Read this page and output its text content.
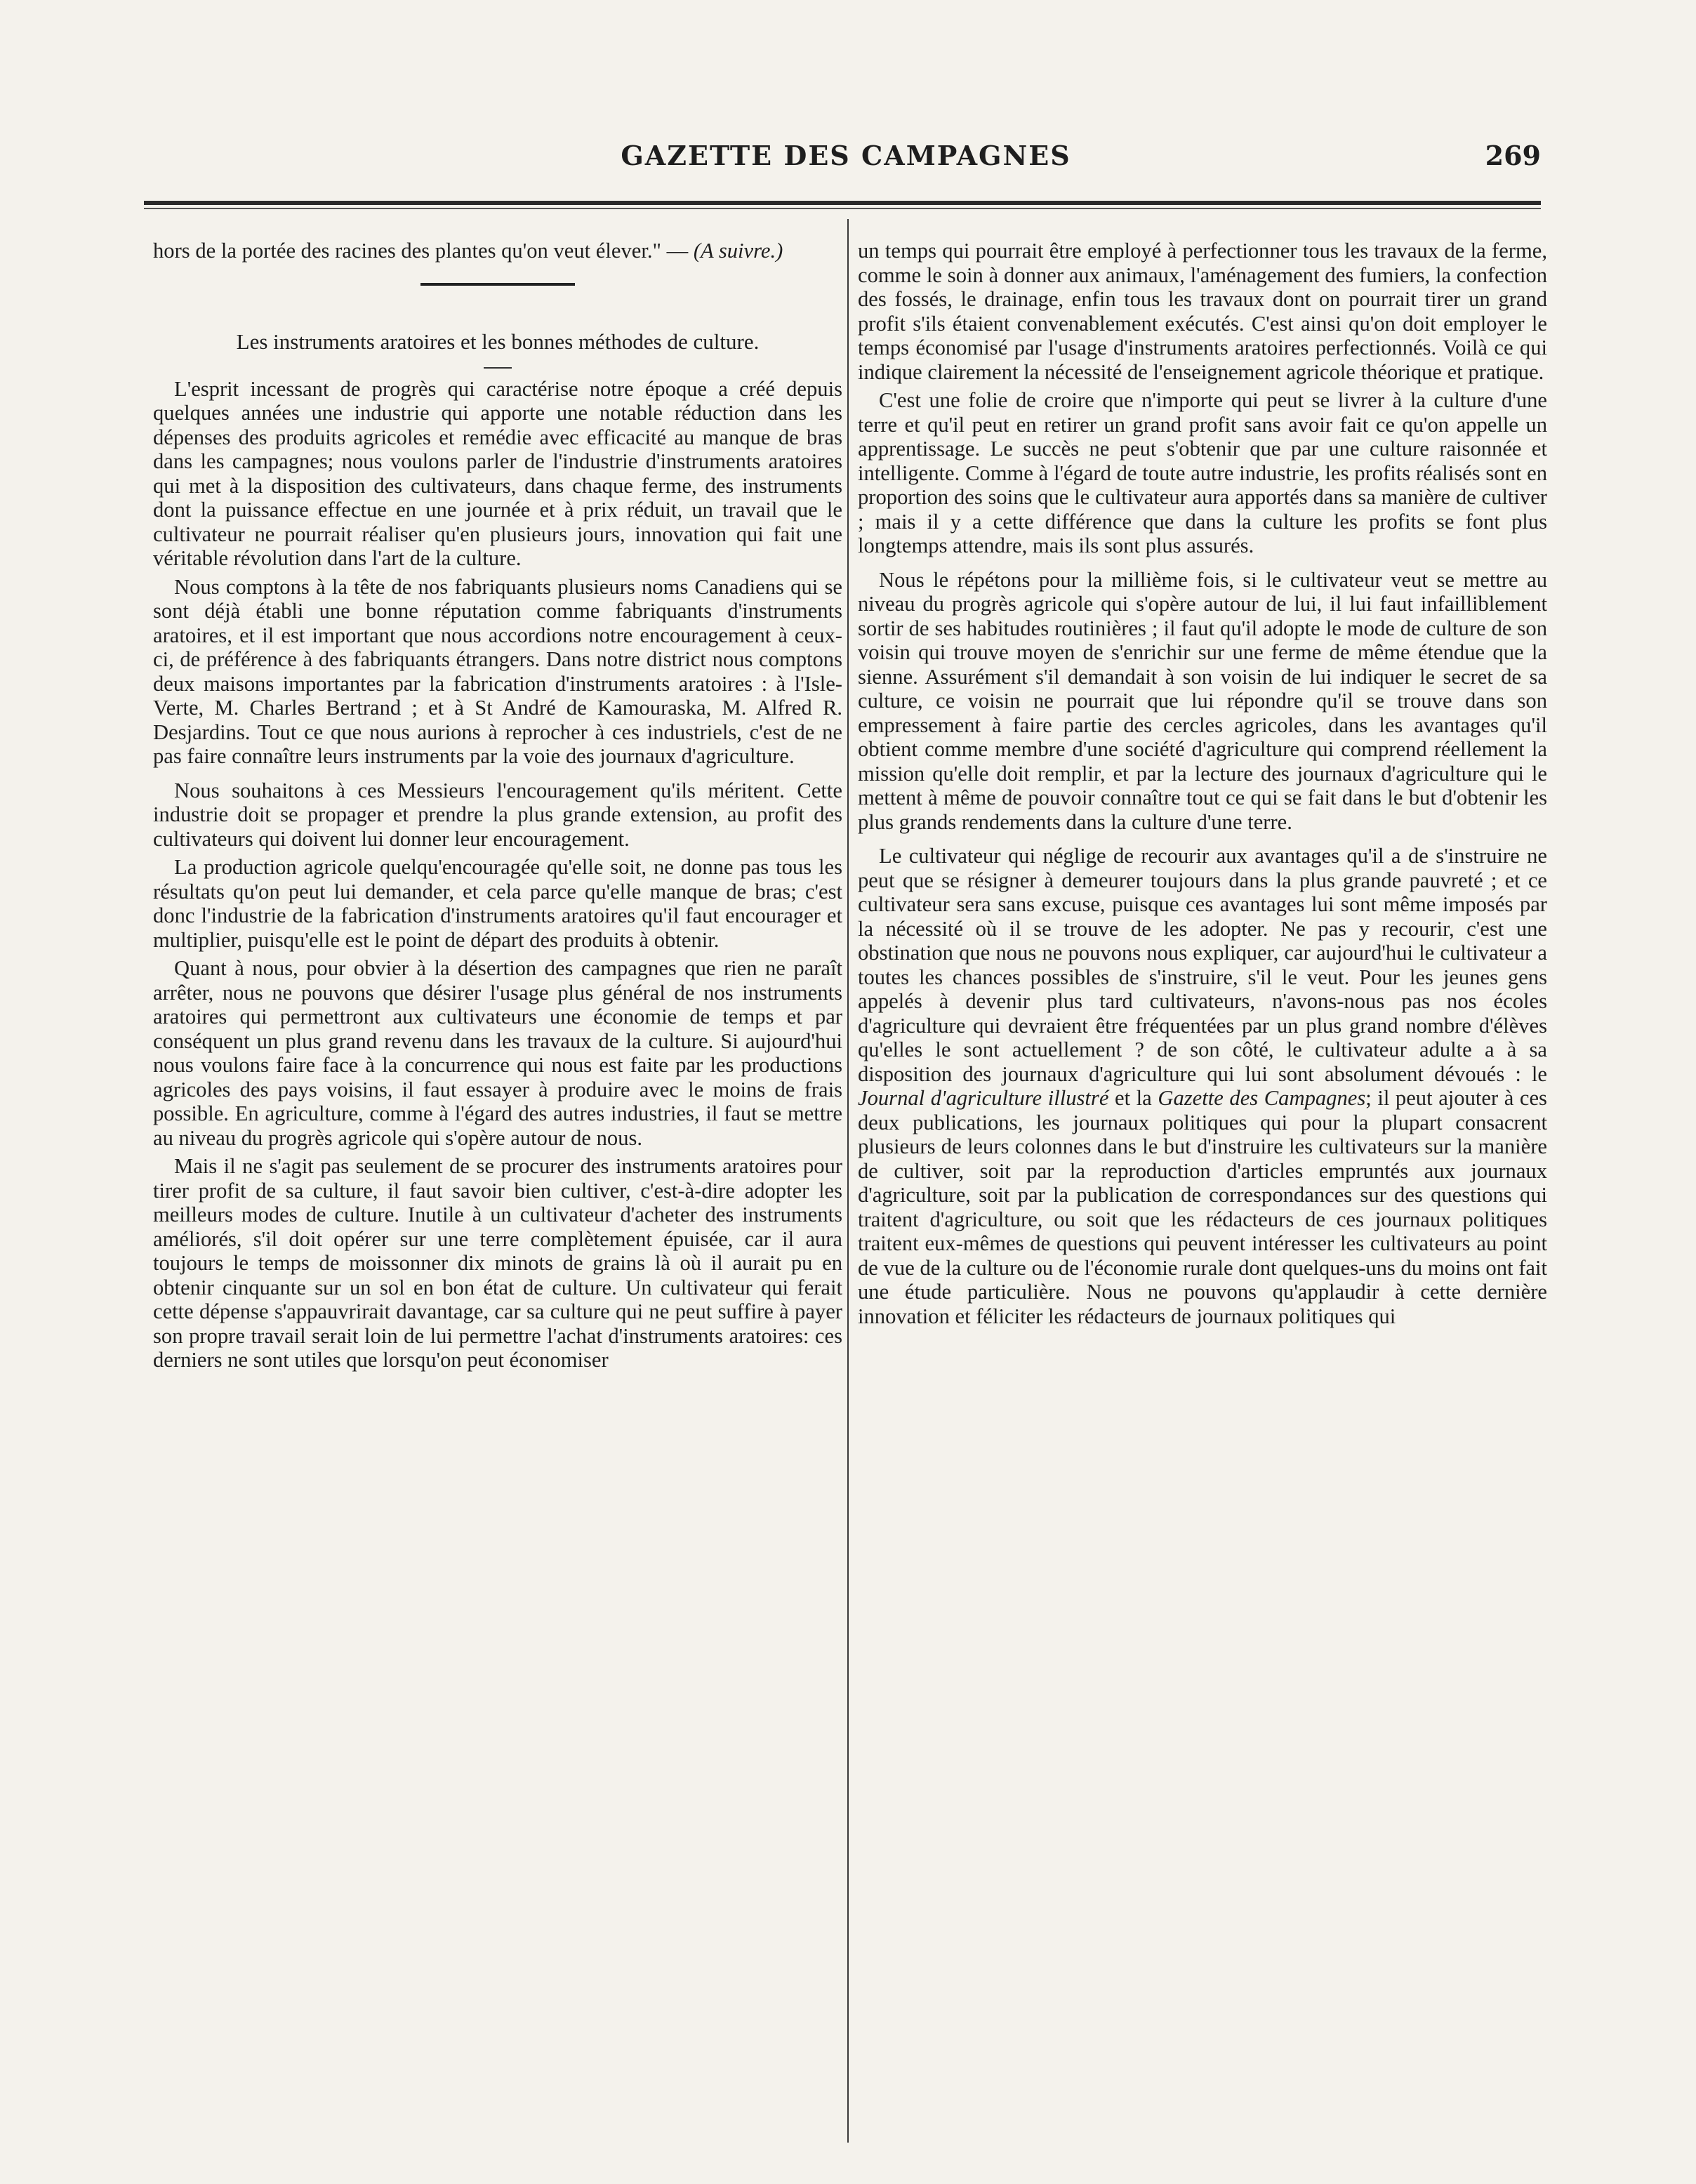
GAZETTE DES CAMPAGNES	269

hors de la portée des racines des plantes qu'on veut élever." — (A suivre.)

Les instruments aratoires et les bonnes méthodes de culture.

L'esprit incessant de progrès qui caractérise notre époque a créé depuis quelques années une industrie qui apporte une notable réduction dans les dépenses des produits agricoles et remédie avec efficacité au manque de bras dans les campagnes; nous voulons parler de l'industrie d'instruments aratoires qui met à la disposition des cultivateurs, dans chaque ferme, des instruments dont la puissance effectue en une journée et à prix réduit, un travail que le cultivateur ne pourrait réaliser qu'en plusieurs jours, innovation qui fait une véritable révolution dans l'art de la culture.

Nous comptons à la tête de nos fabriquants plusieurs noms Canadiens qui se sont déjà établi une bonne réputation comme fabriquants d'instruments aratoires, et il est important que nous accordions notre encouragement à ceux-ci, de préférence à des fabriquants étrangers. Dans notre district nous comptons deux maisons importantes par la fabrication d'instruments aratoires : à l'Isle-Verte, M. Charles Bertrand ; et à St André de Kamouraska, M. Alfred R. Desjardins. Tout ce que nous aurions à reprocher à ces industriels, c'est de ne pas faire connaître leurs instruments par la voie des journaux d'agriculture.

Nous souhaitons à ces Messieurs l'encouragement qu'ils méritent. Cette industrie doit se propager et prendre la plus grande extension, au profit des cultivateurs qui doivent lui donner leur encouragement.

La production agricole quelqu'encouragée qu'elle soit, ne donne pas tous les résultats qu'on peut lui demander, et cela parce qu'elle manque de bras; c'est donc l'industrie de la fabrication d'instruments aratoires qu'il faut encourager et multiplier, puisqu'elle est le point de départ des produits à obtenir.

Quant à nous, pour obvier à la désertion des campagnes que rien ne paraît arrêter, nous ne pouvons que désirer l'usage plus général de nos instruments aratoires qui permettront aux cultivateurs une économie de temps et par conséquent un plus grand revenu dans les travaux de la culture. Si aujourd'hui nous voulons faire face à la concurrence qui nous est faite par les productions agricoles des pays voisins, il faut essayer à produire avec le moins de frais possible. En agriculture, comme à l'égard des autres industries, il faut se mettre au niveau du progrès agricole qui s'opère autour de nous.

Mais il ne s'agit pas seulement de se procurer des instruments aratoires pour tirer profit de sa culture, il faut savoir bien cultiver, c'est-à-dire adopter les meilleurs modes de culture. Inutile à un cultivateur d'acheter des instruments améliorés, s'il doit opérer sur une terre complètement épuisée, car il aura toujours le temps de moissonner dix minots de grains là où il aurait pu en obtenir cinquante sur un sol en bon état de culture. Un cultivateur qui ferait cette dépense s'appauvrirait davantage, car sa culture qui ne peut suffire à payer son propre travail serait loin de lui permettre l'achat d'instruments aratoires: ces derniers ne sont utiles que lorsqu'on peut économiser

un temps qui pourrait être employé à perfectionner tous les travaux de la ferme, comme le soin à donner aux animaux, l'aménagement des fumiers, la confection des fossés, le drainage, enfin tous les travaux dont on pourrait tirer un grand profit s'ils étaient convenablement exécutés. C'est ainsi qu'on doit employer le temps économisé par l'usage d'instruments aratoires perfectionnés. Voilà ce qui indique clairement la nécessité de l'enseignement agricole théorique et pratique.

C'est une folie de croire que n'importe qui peut se livrer à la culture d'une terre et qu'il peut en retirer un grand profit sans avoir fait ce qu'on appelle un apprentissage. Le succès ne peut s'obtenir que par une culture raisonnée et intelligente. Comme à l'égard de toute autre industrie, les profits réalisés sont en proportion des soins que le cultivateur aura apportés dans sa manière de cultiver ; mais il y a cette différence que dans la culture les profits se font plus longtemps attendre, mais ils sont plus assurés.

Nous le répétons pour la millième fois, si le cultivateur veut se mettre au niveau du progrès agricole qui s'opère autour de lui, il lui faut infailliblement sortir de ses habitudes routinières ; il faut qu'il adopte le mode de culture de son voisin qui trouve moyen de s'enrichir sur une ferme de même étendue que la sienne. Assurément s'il demandait à son voisin de lui indiquer le secret de sa culture, ce voisin ne pourrait que lui répondre qu'il se trouve dans son empressement à faire partie des cercles agricoles, dans les avantages qu'il obtient comme membre d'une société d'agriculture qui comprend réellement la mission qu'elle doit remplir, et par la lecture des journaux d'agriculture qui le mettent à même de pouvoir connaître tout ce qui se fait dans le but d'obtenir les plus grands rendements dans la culture d'une terre.

Le cultivateur qui néglige de recourir aux avantages qu'il a de s'instruire ne peut que se résigner à demeurer toujours dans la plus grande pauvreté ; et ce cultivateur sera sans excuse, puisque ces avantages lui sont même imposés par la nécessité où il se trouve de les adopter. Ne pas y recourir, c'est une obstination que nous ne pouvons nous expliquer, car aujourd'hui le cultivateur a toutes les chances possibles de s'instruire, s'il le veut. Pour les jeunes gens appelés à devenir plus tard cultivateurs, n'avons-nous pas nos écoles d'agriculture qui devraient être fréquentées par un plus grand nombre d'élèves qu'elles le sont actuellement ? de son côté, le cultivateur adulte a à sa disposition des journaux d'agriculture qui lui sont absolument dévoués : le Journal d'agriculture illustré et la Gazette des Campagnes; il peut ajouter à ces deux publications, les journaux politiques qui pour la plupart consacrent plusieurs de leurs colonnes dans le but d'instruire les cultivateurs sur la manière de cultiver, soit par la reproduction d'articles empruntés aux journaux d'agriculture, soit par la publication de correspondances sur des questions qui traitent d'agriculture, ou soit que les rédacteurs de ces journaux politiques traitent eux-mêmes de questions qui peuvent intéresser les cultivateurs au point de vue de la culture ou de l'économie rurale dont quelques-uns du moins ont fait une étude particulière. Nous ne pouvons qu'applaudir à cette dernière innovation et féliciter les rédacteurs de journaux politiques qui
